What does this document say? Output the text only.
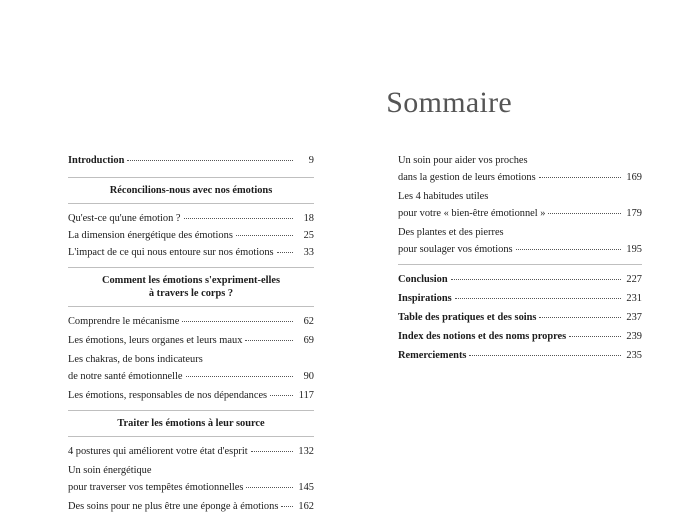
Sommaire
Introduction	9
Réconcilions-nous avec nos émotions
Qu'est-ce qu'une émotion ?	18
La dimension énergétique des émotions	25
L'impact de ce qui nous entoure sur nos émotions	33
Comment les émotions s'expriment-elles
à travers le corps ?
Comprendre le mécanisme	62
Les émotions, leurs organes et leurs maux	69
Les chakras, de bons indicateurs
de notre santé émotionnelle	90
Les émotions, responsables de nos dépendances	117
Traiter les émotions à leur source
4 postures qui améliorent votre état d'esprit	132
Un soin énergétique
pour traverser vos tempêtes émotionnelles	145
Des soins pour ne plus être une éponge à émotions 162
Un soin pour aider vos proches
dans la gestion de leurs émotions	169
Les 4 habitudes utiles
pour votre « bien-être émotionnel »	179
Des plantes et des pierres
pour soulager vos émotions	195
Conclusion	227
Inspirations	231
Table des pratiques et des soins	237
Index des notions et des noms propres	239
Remerciements	235
